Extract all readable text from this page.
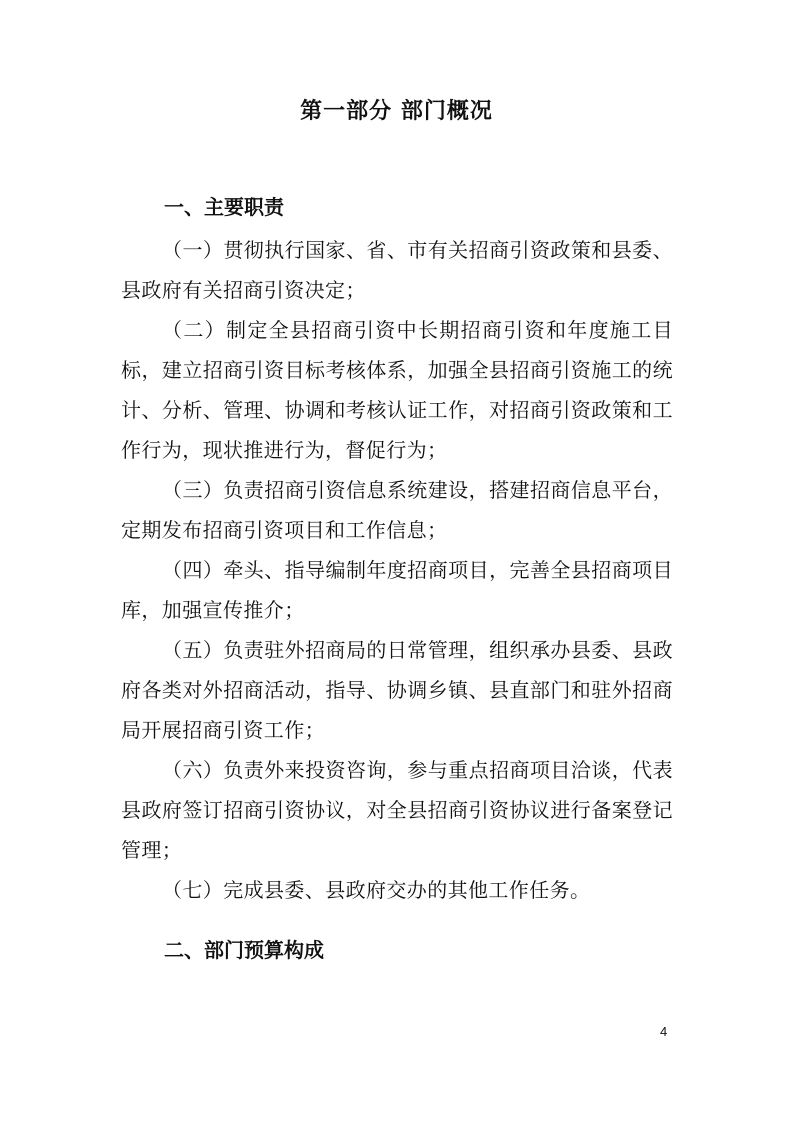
第一部分 部门概况
一、主要职责

（一）贯彻执行国家、省、市有关招商引资政策和县委、县政府有关招商引资决定；

（二）制定全县招商引资中长期招商引资和年度施工目标，建立招商引资目标考核体系，加强全县招商引资施工的统计、分析、管理、协调和考核认证工作，对招商引资政策和工作行为，现状推进行为，督促行为；

（三）负责招商引资信息系统建设，搭建招商信息平台，定期发布招商引资项目和工作信息；

（四）牵头、指导编制年度招商项目，完善全县招商项目库，加强宣传推介；

（五）负责驻外招商局的日常管理，组织承办县委、县政府各类对外招商活动，指导、协调乡镇、县直部门和驻外招商局开展招商引资工作；

（六）负责外来投资咨询，参与重点招商项目洽谈，代表县政府签订招商引资协议，对全县招商引资协议进行备案登记管理；

（七）完成县委、县政府交办的其他工作任务。

二、部门预算构成
4
